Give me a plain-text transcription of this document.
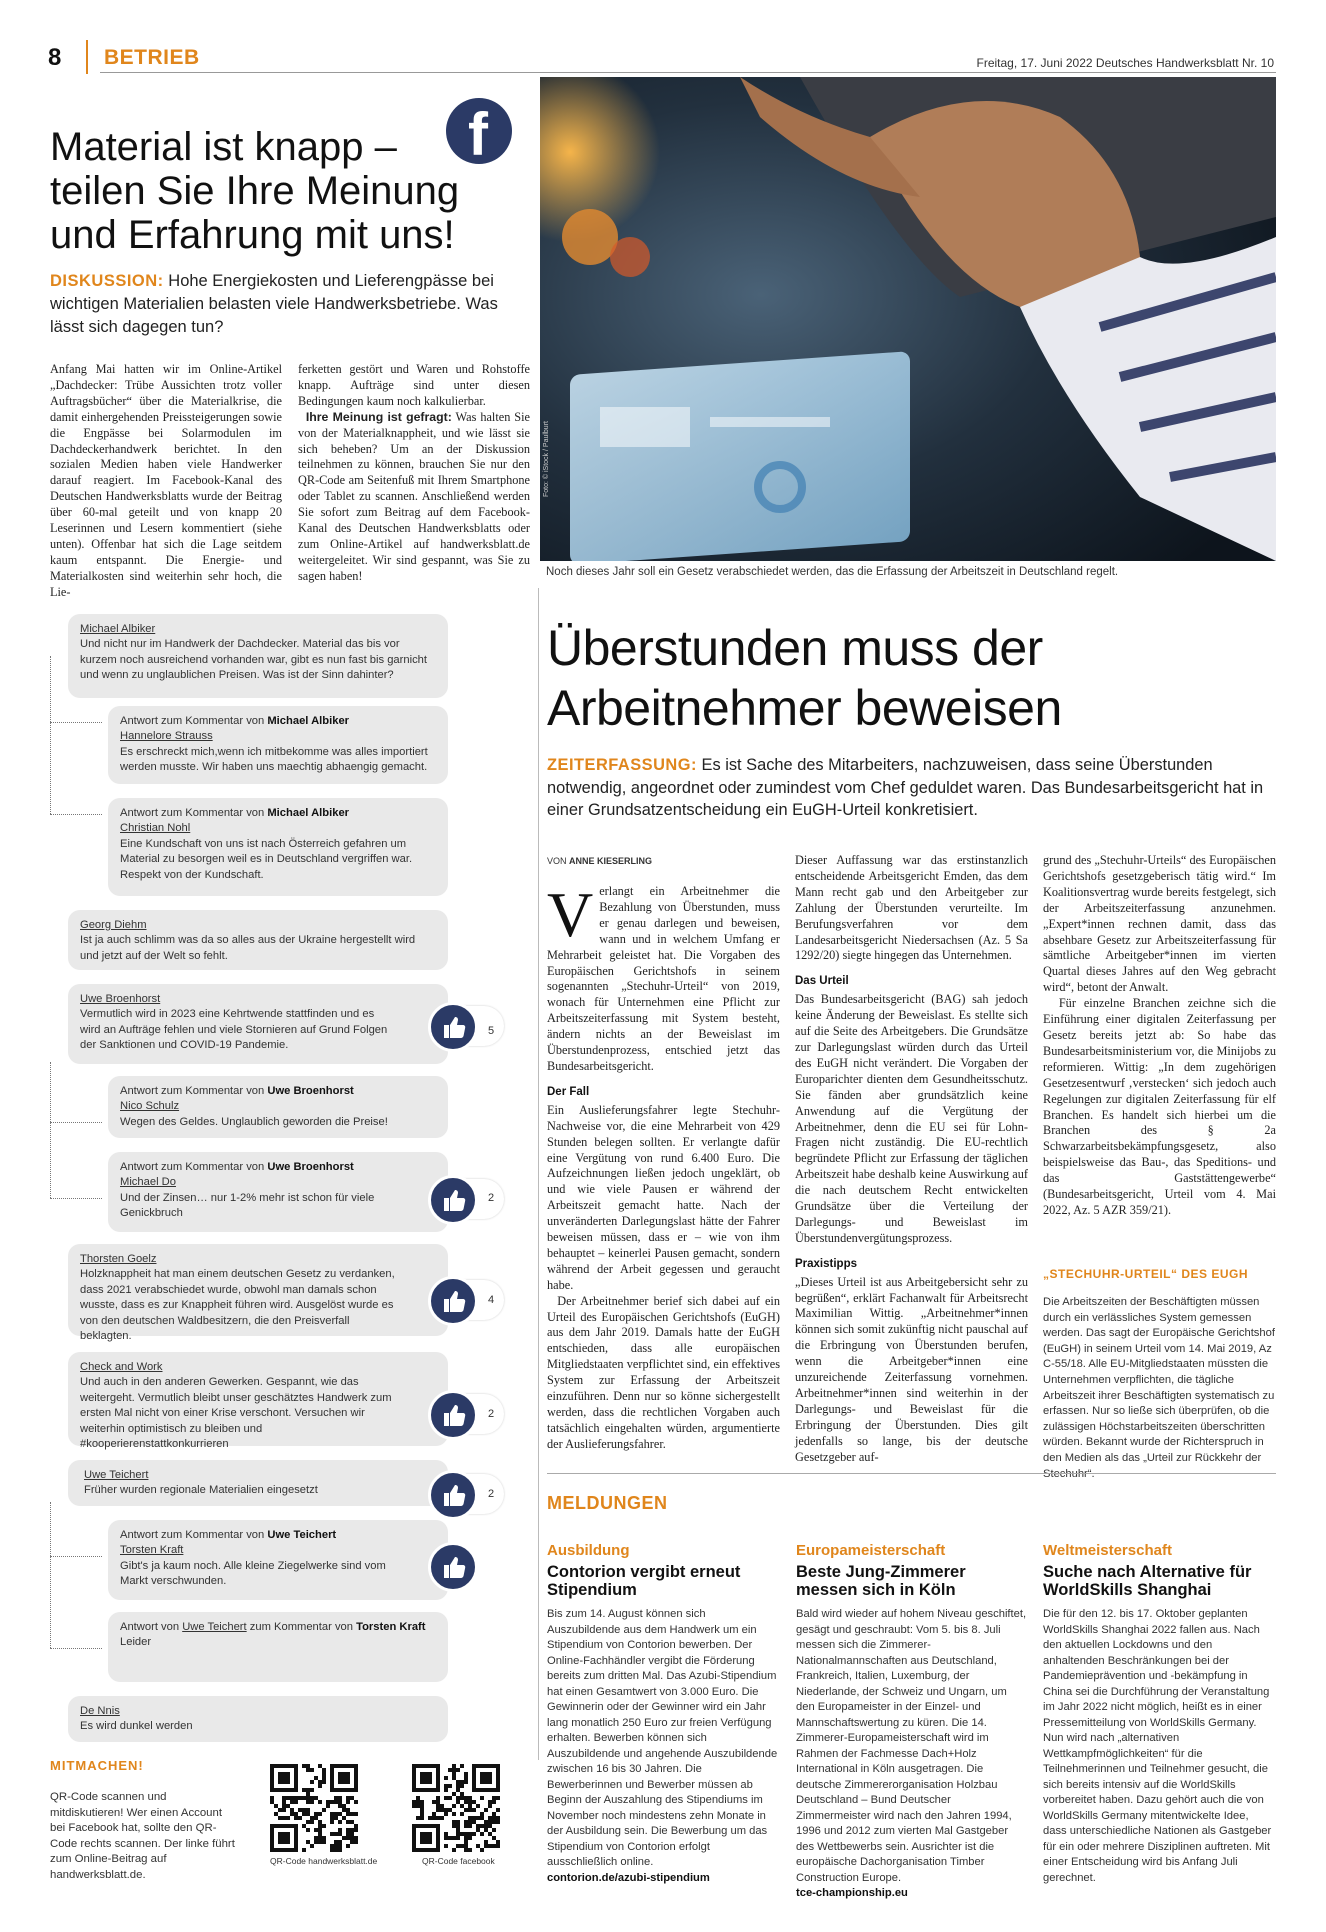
8 BETRIEB	Freitag, 17. Juni 2022 Deutsches Handwerksblatt Nr. 10
f
Material ist knapp – teilen Sie Ihre Meinung und Erfahrung mit uns!
DISKUSSION: Hohe Energiekosten und Lieferengpässe bei wichtigen Materialien belasten viele Handwerksbetriebe. Was lässt sich dagegen tun?
Anfang Mai hatten wir im Online-Artikel „Dachdecker: Trübe Aussichten trotz voller Auftragsbücher“ über die Materialkrise, die damit einhergehenden Preissteigerungen sowie die Engpässe bei Solarmodulen im Dachdeckerhandwerk berichtet. In den sozialen Medien haben viele Handwerker darauf reagiert. Im Facebook-Kanal des Deutschen Handwerksblatts wurde der Beitrag über 60-mal geteilt und von knapp 20 Leserinnen und Lesern kommentiert (siehe unten). Offenbar hat sich die Lage seitdem kaum entspannt. Die Energie- und Materialkosten sind weiterhin sehr hoch, die Lie-
ferketten gestört und Waren und Rohstoffe knapp. Aufträge sind unter diesen Bedingungen kaum noch kalkulierbar.
Ihre Meinung ist gefragt: Was halten Sie von der Materialknappheit, und wie lässt sie sich beheben? Um an der Diskussion teilnehmen zu können, brauchen Sie nur den QR-Code am Seitenfuß mit Ihrem Smartphone oder Tablet zu scannen. Anschließend werden Sie sofort zum Beitrag auf dem Facebook-Kanal des Deutschen Handwerksblatts oder zum Online-Artikel auf handwerksblatt.de weitergeleitet. Wir sind gespannt, was Sie zu sagen haben!
Foto: © iStock / Paulburt
Noch dieses Jahr soll ein Gesetz verabschiedet werden, das die Erfassung der Arbeitszeit in Deutschland regelt.
Michael Albiker
Und nicht nur im Handwerk der Dachdecker. Material das bis vor kurzem noch ausreichend vorhanden war, gibt es nun fast bis garnicht und wenn zu unglaublichen Preisen. Was ist der Sinn dahinter?
Antwort zum Kommentar von Michael Albiker
Hannelore Strauss
Es erschreckt mich,wenn ich mitbekomme was alles importiert werden musste. Wir haben uns maechtig abhaengig gemacht.
Antwort zum Kommentar von Michael Albiker
Christian Nohl
Eine Kundschaft von uns ist nach Österreich gefahren um Material zu besorgen weil es in Deutschland vergriffen war. Respekt von der Kundschaft.
Georg Diehm
Ist ja auch schlimm was da so alles aus der Ukraine hergestellt wird und jetzt auf der Welt so fehlt.
Uwe Broenhorst
Vermutlich wird in 2023 eine Kehrtwende stattfinden und es wird an Aufträge fehlen und viele Stornieren auf Grund Folgen der Sanktionen und COVID-19 Pandemie.
Antwort zum Kommentar von Uwe Broenhorst
Nico Schulz
Wegen des Geldes. Unglaublich geworden die Preise!
Antwort zum Kommentar von Uwe Broenhorst
Michael Do
Und der Zinsen… nur 1-2% mehr ist schon für viele Genickbruch
Thorsten Goelz
Holzknappheit hat man einem deutschen Gesetz zu verdanken, dass 2021 verabschiedet wurde, obwohl man damals schon wusste, dass es zur Knappheit führen wird. Ausgelöst wurde es von den deutschen Waldbesitzern, die den Preisverfall beklagten.
Check and Work
Und auch in den anderen Gewerken. Gespannt, wie das weitergeht. Vermutlich bleibt unser geschätztes Handwerk zum ersten Mal nicht von einer Krise verschont. Versuchen wir weiterhin optimistisch zu bleiben und #kooperierenstattkonkurrieren
Uwe Teichert
Früher wurden regionale Materialien eingesetzt
Antwort zum Kommentar von Uwe Teichert
Torsten Kraft
Gibt's ja kaum noch. Alle kleine Ziegelwerke sind vom Markt verschwunden.
Antwort von Uwe Teichert zum Kommentar von Torsten Kraft
Leider
De Nnis
Es wird dunkel werden
5
2
4
2
2
MITMACHEN!
QR-Code scannen und mitdiskutieren! Wer einen Account bei Facebook hat, sollte den QR-Code rechts scannen. Der linke führt zum Online-Beitrag auf handwerksblatt.de.
QR-Code handwerksblatt.de	QR-Code facebook
Überstunden muss der Arbeitnehmer beweisen
ZEITERFASSUNG: Es ist Sache des Mitarbeiters, nachzuweisen, dass seine Überstunden notwendig, angeordnet oder zumindest vom Chef geduldet waren. Das Bundesarbeitsgericht hat in einer Grundsatzentscheidung ein EuGH-Urteil konkretisiert.
VON ANNE KIESERLING
Verlangt ein Arbeitnehmer die Bezahlung von Überstunden, muss er genau darlegen und beweisen, wann und in welchem Umfang er Mehrarbeit geleistet hat. Die Vorgaben des Europäischen Gerichtshofs in seinem sogenannten „Stechuhr-Urteil“ von 2019, wonach für Unternehmen eine Pflicht zur Arbeitszeiterfassung mit System besteht, ändern nichts an der Beweislast im Überstundenprozess, entschied jetzt das Bundesarbeitsgericht.
Der Fall
Ein Auslieferungsfahrer legte Stechuhr-Nachweise vor, die eine Mehrarbeit von 429 Stunden belegen sollten. Er verlangte dafür eine Vergütung von rund 6.400 Euro. Die Aufzeichnungen ließen jedoch ungeklärt, ob und wie viele Pausen er während der Arbeitszeit gemacht hatte. Nach der unveränderten Darlegungslast hätte der Fahrer beweisen müssen, dass er – wie von ihm behauptet – keinerlei Pausen gemacht, sondern während der Arbeit gegessen und geraucht habe.
Der Arbeitnehmer berief sich dabei auf ein Urteil des Europäischen Gerichtshofs (EuGH) aus dem Jahr 2019. Damals hatte der EuGH entschieden, dass alle europäischen Mitgliedstaaten verpflichtet sind, ein effektives System zur Erfassung der Arbeitszeit einzuführen. Denn nur so könne sichergestellt werden, dass die rechtlichen Vorgaben auch tatsächlich eingehalten würden, argumentierte der Auslieferungsfahrer.
Dieser Auffassung war das erstinstanzlich entscheidende Arbeitsgericht Emden, das dem Mann recht gab und den Arbeitgeber zur Zahlung der Überstunden verurteilte. Im Berufungsverfahren vor dem Landesarbeitsgericht Niedersachsen (Az. 5 Sa 1292/20) siegte hingegen das Unternehmen.
Das Urteil
Das Bundesarbeitsgericht (BAG) sah jedoch keine Änderung der Beweislast. Es stellte sich auf die Seite des Arbeitgebers. Die Grundsätze zur Darlegungslast würden durch das Urteil des EuGH nicht verändert. Die Vorgaben der Europarichter dienten dem Gesundheitsschutz. Sie fänden aber grundsätzlich keine Anwendung auf die Vergütung der Arbeitnehmer, denn die EU sei für Lohn-Fragen nicht zuständig. Die EU-rechtlich begründete Pflicht zur Erfassung der täglichen Arbeitszeit habe deshalb keine Auswirkung auf die nach deutschem Recht entwickelten Grundsätze über die Verteilung der Darlegungs- und Beweislast im Überstundenvergütungsprozess.
Praxistipps
„Dieses Urteil ist aus Arbeitgebersicht sehr zu begrüßen“, erklärt Fachanwalt für Arbeitsrecht Maximilian Wittig. „Arbeitnehmer*innen können sich somit zukünftig nicht pauschal auf die Erbringung von Überstunden berufen, wenn die Arbeitgeber*innen eine unzureichende Zeiterfassung vornehmen. Arbeitnehmer*innen sind weiterhin in der Darlegungs- und Beweislast für die Erbringung der Überstunden. Dies gilt jedenfalls so lange, bis der deutsche Gesetzgeber auf-
grund des „Stechuhr-Urteils“ des Europäischen Gerichtshofs gesetzgeberisch tätig wird.“ Im Koalitionsvertrag wurde bereits festgelegt, sich der Arbeitszeiterfassung anzunehmen. „Expert*innen rechnen damit, dass das absehbare Gesetz zur Arbeitszeiterfassung für sämtliche Arbeitgeber*innen im vierten Quartal dieses Jahres auf den Weg gebracht wird“, betont der Anwalt.
Für einzelne Branchen zeichne sich die Einführung einer digitalen Zeiterfassung per Gesetz bereits jetzt ab: So habe das Bundesarbeitsministerium vor, die Minijobs zu reformieren. Wittig: „In dem zugehörigen Gesetzesentwurf ‚verstecken‘ sich jedoch auch Regelungen zur digitalen Zeiterfassung für elf Branchen. Es handelt sich hierbei um die Branchen des § 2a Schwarzarbeitsbekämpfungsgesetz, also beispielsweise das Bau-, das Speditions- und das Gaststättengewerbe“ (Bundesarbeitsgericht, Urteil vom 4. Mai 2022, Az. 5 AZR 359/21).
„STECHUHR-URTEIL“ DES EUGH
Die Arbeitszeiten der Beschäftigten müssen durch ein verlässliches System gemessen werden. Das sagt der Europäische Gerichtshof (EuGH) in seinem Urteil vom 14. Mai 2019, Az C-55/18. Alle EU-Mitgliedstaaten müssten die Unternehmen verpflichten, die tägliche Arbeitszeit ihrer Beschäftigten systematisch zu erfassen. Nur so ließe sich überprüfen, ob die zulässigen Höchstarbeitszeiten überschritten würden. Bekannt wurde der Richterspruch in den Medien als das „Urteil zur Rückkehr der
MELDUNGEN
Ausbildung
Contorion vergibt erneut Stipendium
Bis zum 14. August können sich Auszubildende aus dem Handwerk um ein Stipendium von Contorion bewerben. Der Online-Fachhändler vergibt die Förderung bereits zum dritten Mal. Das Azubi-Stipendium hat einen Gesamtwert von 3.000 Euro. Die Gewinnerin oder der Gewinner wird ein Jahr lang monatlich 250 Euro zur freien Verfügung erhalten. Bewerben können sich Auszubildende und angehende Auszubildende zwischen 16 bis 30 Jahren. Die Bewerberinnen und Bewerber müssen ab Beginn der Auszahlung des Stipendiums im November noch mindestens zehn Monate in der Ausbildung sein. Die Bewerbung um das Stipendium von Contorion erfolgt ausschließlich online.
contorion.de/azubi-stipendium
Europameisterschaft
Beste Jung-Zimmerer messen sich in Köln
Bald wird wieder auf hohem Niveau geschiftet, gesägt und geschraubt: Vom 5. bis 8. Juli messen sich die Zimmerer-Nationalmannschaften aus Deutschland, Frankreich, Italien, Luxemburg, der Niederlande, der Schweiz und Ungarn, um den Europameister in der Einzel- und Mannschaftswertung zu küren. Die 14. Zimmerer-Europameisterschaft wird im Rahmen der Fachmesse Dach+Holz International in Köln ausgetragen. Die deutsche Zimmererorganisation Holzbau Deutschland – Bund Deutscher Zimmermeister wird nach den Jahren 1994, 1996 und 2012 zum vierten Mal Gastgeber des Wettbewerbs sein. Ausrichter ist die europäische Dachorganisation Timber Construction Europe.
tce-championship.eu
Weltmeisterschaft
Suche nach Alternative für WorldSkills Shanghai
Die für den 12. bis 17. Oktober geplanten WorldSkills Shanghai 2022 fallen aus. Nach den aktuellen Lockdowns und den anhaltenden Beschränkungen bei der Pandemieprävention und -bekämpfung in China sei die Durchführung der Veranstaltung im Jahr 2022 nicht möglich, heißt es in einer Pressemitteilung von WorldSkills Germany. Nun wird nach „alternativen Wettkampfmöglichkeiten“ für die Teilnehmerinnen und Teilnehmer gesucht, die sich bereits intensiv auf die WorldSkills vorbereitet haben. Dazu gehört auch die von WorldSkills Germany mitentwickelte Idee, dass unterschiedliche Nationen als Gastgeber für ein oder mehrere Disziplinen auftreten. Mit einer Entscheidung wird bis Anfang Juli gerechnet.
